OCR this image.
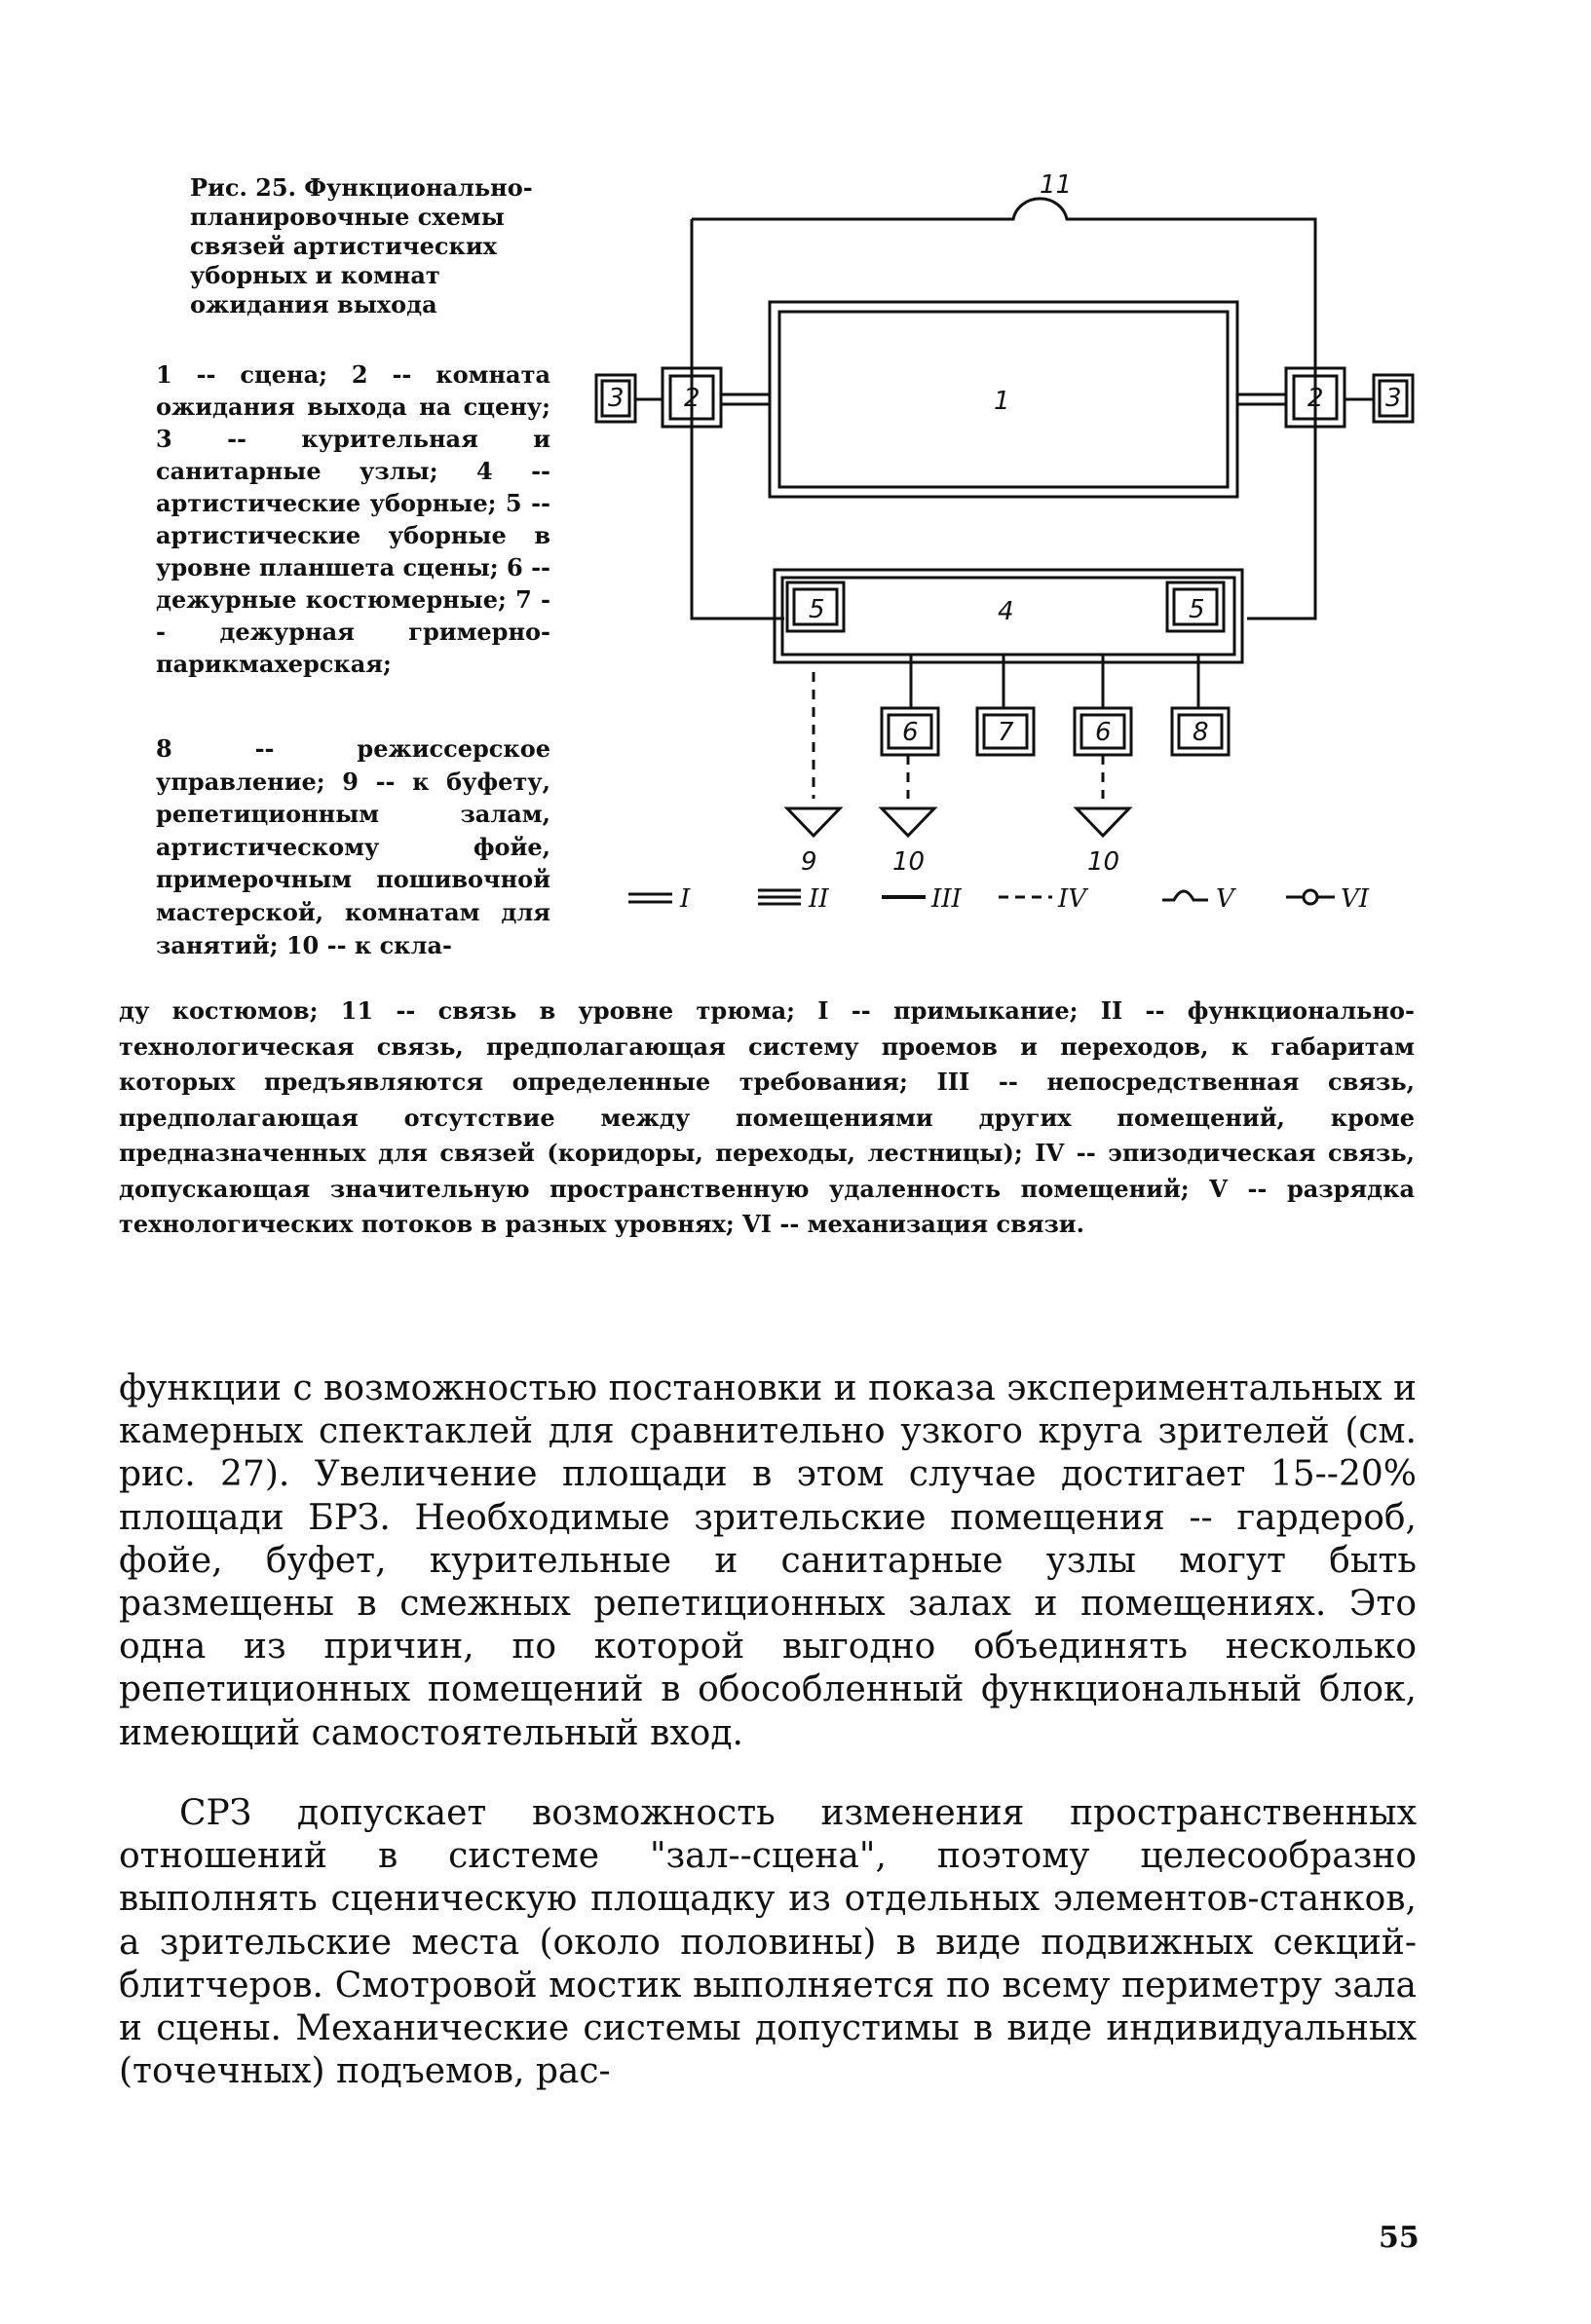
Рис. 25. Функционально-планировочные схемы связей артистических уборных и комнат ожидания выхода
1 -- сцена; 2 -- комната ожидания выхода на сцену; 3 -- курительная и санитарные узлы; 4 -- артистические уборные; 5 -- артистические уборные в уровне планшета сцены; 6 -- дежурные костюмерные; 7 -- дежурная гримерно-парикмахерская;
8 -- режиссерское управление; 9 -- к буфету, репетиционным залам, артистическому фойе, примерочным пошивочной мастерской, комнатам для занятий; 10 -- к скла-
ду костюмов; 11 -- связь в уровне трюма; I -- примыкание; II -- функционально-технологическая связь, предполагающая систему проемов и переходов, к габаритам которых предъявляются определенные требования; III -- непосредственная связь, предполагающая отсутствие между помещениями других помещений, кроме предназначенных для связей (коридоры, переходы, лестницы); IV -- эпизодическая связь, допускающая значительную пространственную удаленность помещений; V -- разрядка технологических потоков в разных уровнях; VI -- механизация связи.
11
1
2	2
3	3
4
5	5
6	7	6	8
9	10	10
I	II	III	IV	V	VI
функции с возможностью постановки и показа экспериментальных и камерных спектаклей для сравнительно узкого круга зрителей (см. рис. 27). Увеличение площади в этом случае достигает 15--20% площади БРЗ. Необходимые зрительские помещения -- гардероб, фойе, буфет, курительные и санитарные узлы могут быть размещены в смежных репетиционных залах и помещениях. Это одна из причин, по которой выгодно объединять несколько репетиционных помещений в обособленный функциональный блок, имеющий самостоятельный вход.
СРЗ допускает возможность изменения пространственных отношений в системе "зал--сцена", поэтому целесообразно выполнять сценическую площадку из отдельных элементов-станков, а зрительские места (около половины) в виде подвижных секций-блитчеров. Смотровой мостик выполняется по всему периметру зала и сцены. Механические системы допустимы в виде индивидуальных (точечных) подъемов, рас-
55
